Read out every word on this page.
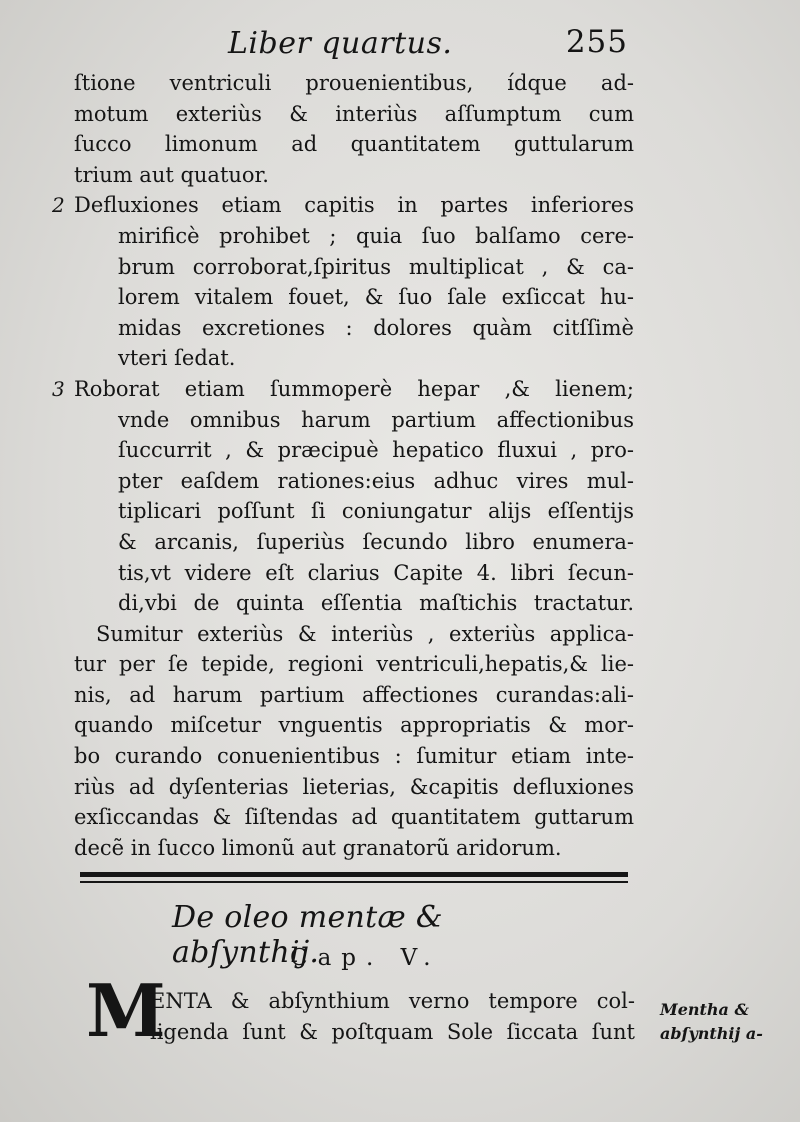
Liber quartus.	255
ſtione ventriculi prouenientibus, ídque ad-
motum exteriùs & interiùs aſſumptum cum
ſucco limonum ad quantitatem guttularum
trium aut quatuor.
2 Defluxiones etiam capitis in partes inferiores
mirificè prohibet ; quia ſuo balſamo cere-
brum corroborat,ſpiritus multiplicat , & ca-
lorem vitalem fouet, & ſuo ſale exſiccat hu-
midas excretiones : dolores quàm citſſimè
vteri ſedat.
3 Roborat etiam ſummoperè hepar ,& lienem;
vnde omnibus harum partium affectionibus
ſuccurrit , & præcipuè hepatico fluxui , pro-
pter eaſdem rationes:eius adhuc vires mul-
tiplicari poſſunt ſi coniungatur alijs eſſentijs
& arcanis, ſuperiùs ſecundo libro enumera-
tis,vt videre eſt clarius Capite 4. libri ſecun-
di,vbi de quinta eſſentia maſtichis tractatur.
Sumitur exteriùs & interiùs , exteriùs applica-
tur per ſe tepide, regioni ventriculi,hepatis,& lie-
nis, ad harum partium affectiones curandas:ali-
quando miſcetur vnguentis appropriatis & mor-
bo curando conuenientibus : ſumitur etiam inte-
riùs ad dyſenterias lieterias, &capitis defluxiones
exſiccandas & ſiſtendas ad quantitatem guttarum
decẽ in ſucco limonũ aut granatorũ aridorum.
De oleo mentæ & abſynthij.
Cap. V.
M
ENTA & abſynthium verno tempore col-
ligenda ſunt & poſtquam Sole ſiccata ſunt
Mentha &
abſynthij a-
